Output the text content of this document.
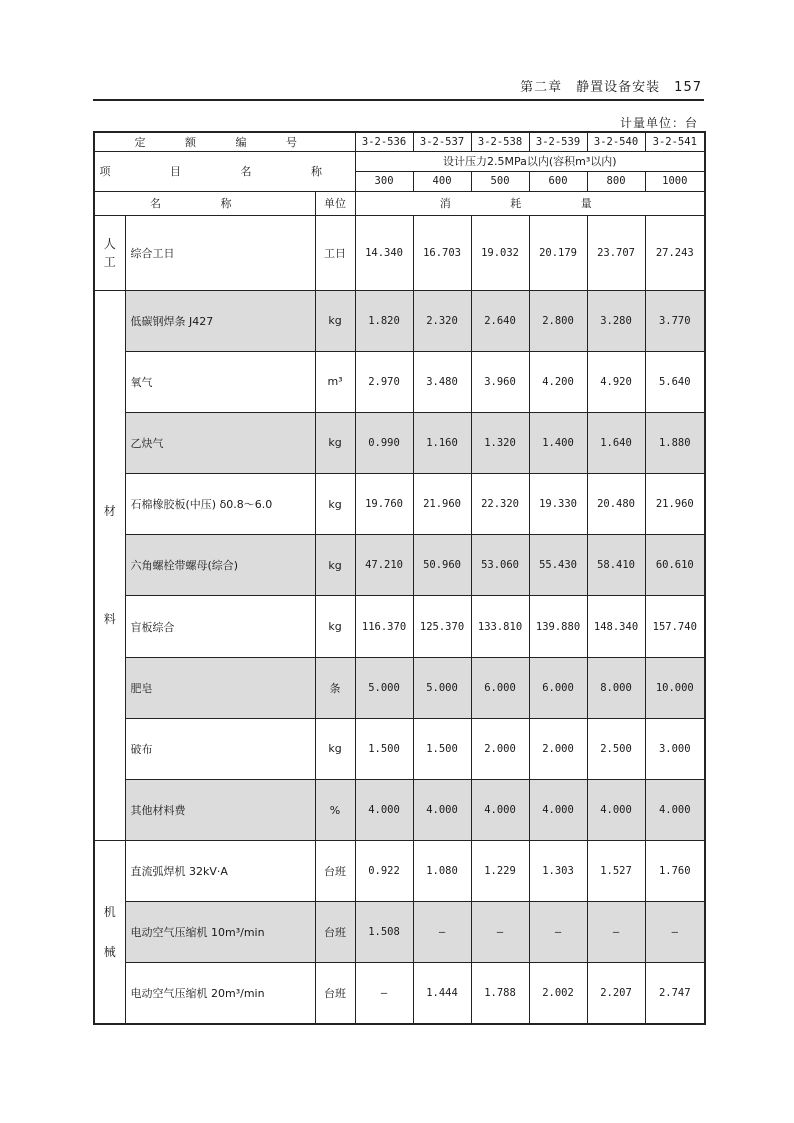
第二章 静置设备安装 157
计量单位：台
定 额 编 号			3-2-536	3-2-537	3-2-538	3-2-539	3-2-540	3-2-541
项 目 名 称			设计压力2.5MPa以内(容积m³以内)					
			300	400	500	600	800	1000
名 称		单位	消 耗 量					

人
工	综合工日	工日	14.340	16.703	19.032	20.179	23.707	27.243

材
料	低碳钢焊条 J427	kg	1.820	2.320	2.640	2.800	3.280	3.770
	氧气	m³	2.970	3.480	3.960	4.200	4.920	5.640
	乙炔气	kg	0.990	1.160	1.320	1.400	1.640	1.880
	石棉橡胶板(中压) δ0.8～6.0	kg	19.760	21.960	22.320	19.330	20.480	21.960
	六角螺栓带螺母(综合)	kg	47.210	50.960	53.060	55.430	58.410	60.610
	盲板综合	kg	116.370	125.370	133.810	139.880	148.340	157.740
	肥皂	条	5.000	5.000	6.000	6.000	8.000	10.000
	破布	kg	1.500	1.500	2.000	2.000	2.500	3.000
	其他材料费	%	4.000	4.000	4.000	4.000	4.000	4.000

机
械	直流弧焊机 32kV·A	台班	0.922	1.080	1.229	1.303	1.527	1.760
	电动空气压缩机 10m³/min	台班	1.508	—	—	—	—	—
	电动空气压缩机 20m³/min	台班	—	1.444	1.788	2.002	2.207	2.747
